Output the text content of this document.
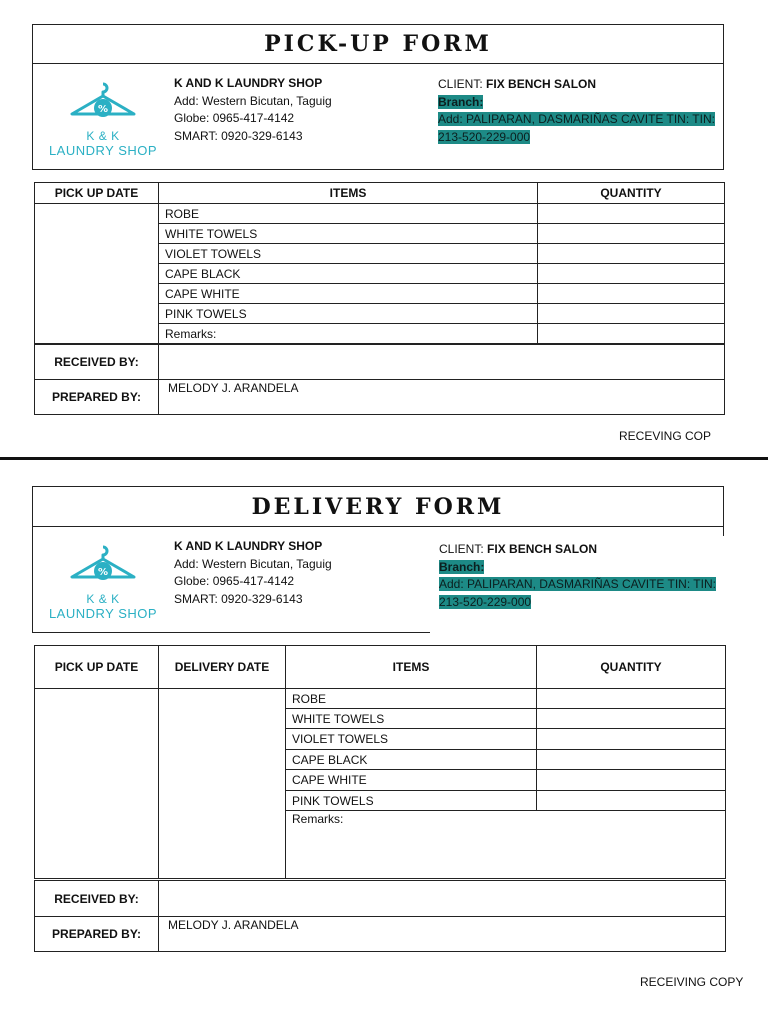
PICK-UP FORM
%
K & K
LAUNDRY SHOP
K AND K LAUNDRY SHOP
Add: Western Bicutan, Taguig
Globe: 0965-417-4142
SMART: 0920-329-6143
CLIENT: FIX BENCH SALON
Branch:
Add: PALIPARAN, DASMARIÑAS CAVITE TIN: TIN:
213-520-229-000
PICK UP DATE	ITEMS	QUANTITY
	ROBE	
	WHITE TOWELS	
	VIOLET TOWELS	
	CAPE BLACK	
	CAPE WHITE	
	PINK TOWELS	
	Remarks:	
RECEIVED BY:	
PREPARED BY:	MELODY J. ARANDELA
RECEVING COP
DELIVERY FORM
%
K & K
LAUNDRY SHOP
K AND K LAUNDRY SHOP
Add: Western Bicutan, Taguig
Globe: 0965-417-4142
SMART: 0920-329-6143
CLIENT: FIX BENCH SALON
Branch:
Add: PALIPARAN, DASMARIÑAS CAVITE TIN: TIN:
213-520-229-000
PICK UP DATE	DELIVERY DATE	ITEMS	QUANTITY
		ROBE	
		WHITE TOWELS	
		VIOLET TOWELS	
		CAPE BLACK	
		CAPE WHITE	
		PINK TOWELS	
		Remarks:	
RECEIVED BY:	
PREPARED BY:	MELODY J. ARANDELA
RECEIVING COPY
